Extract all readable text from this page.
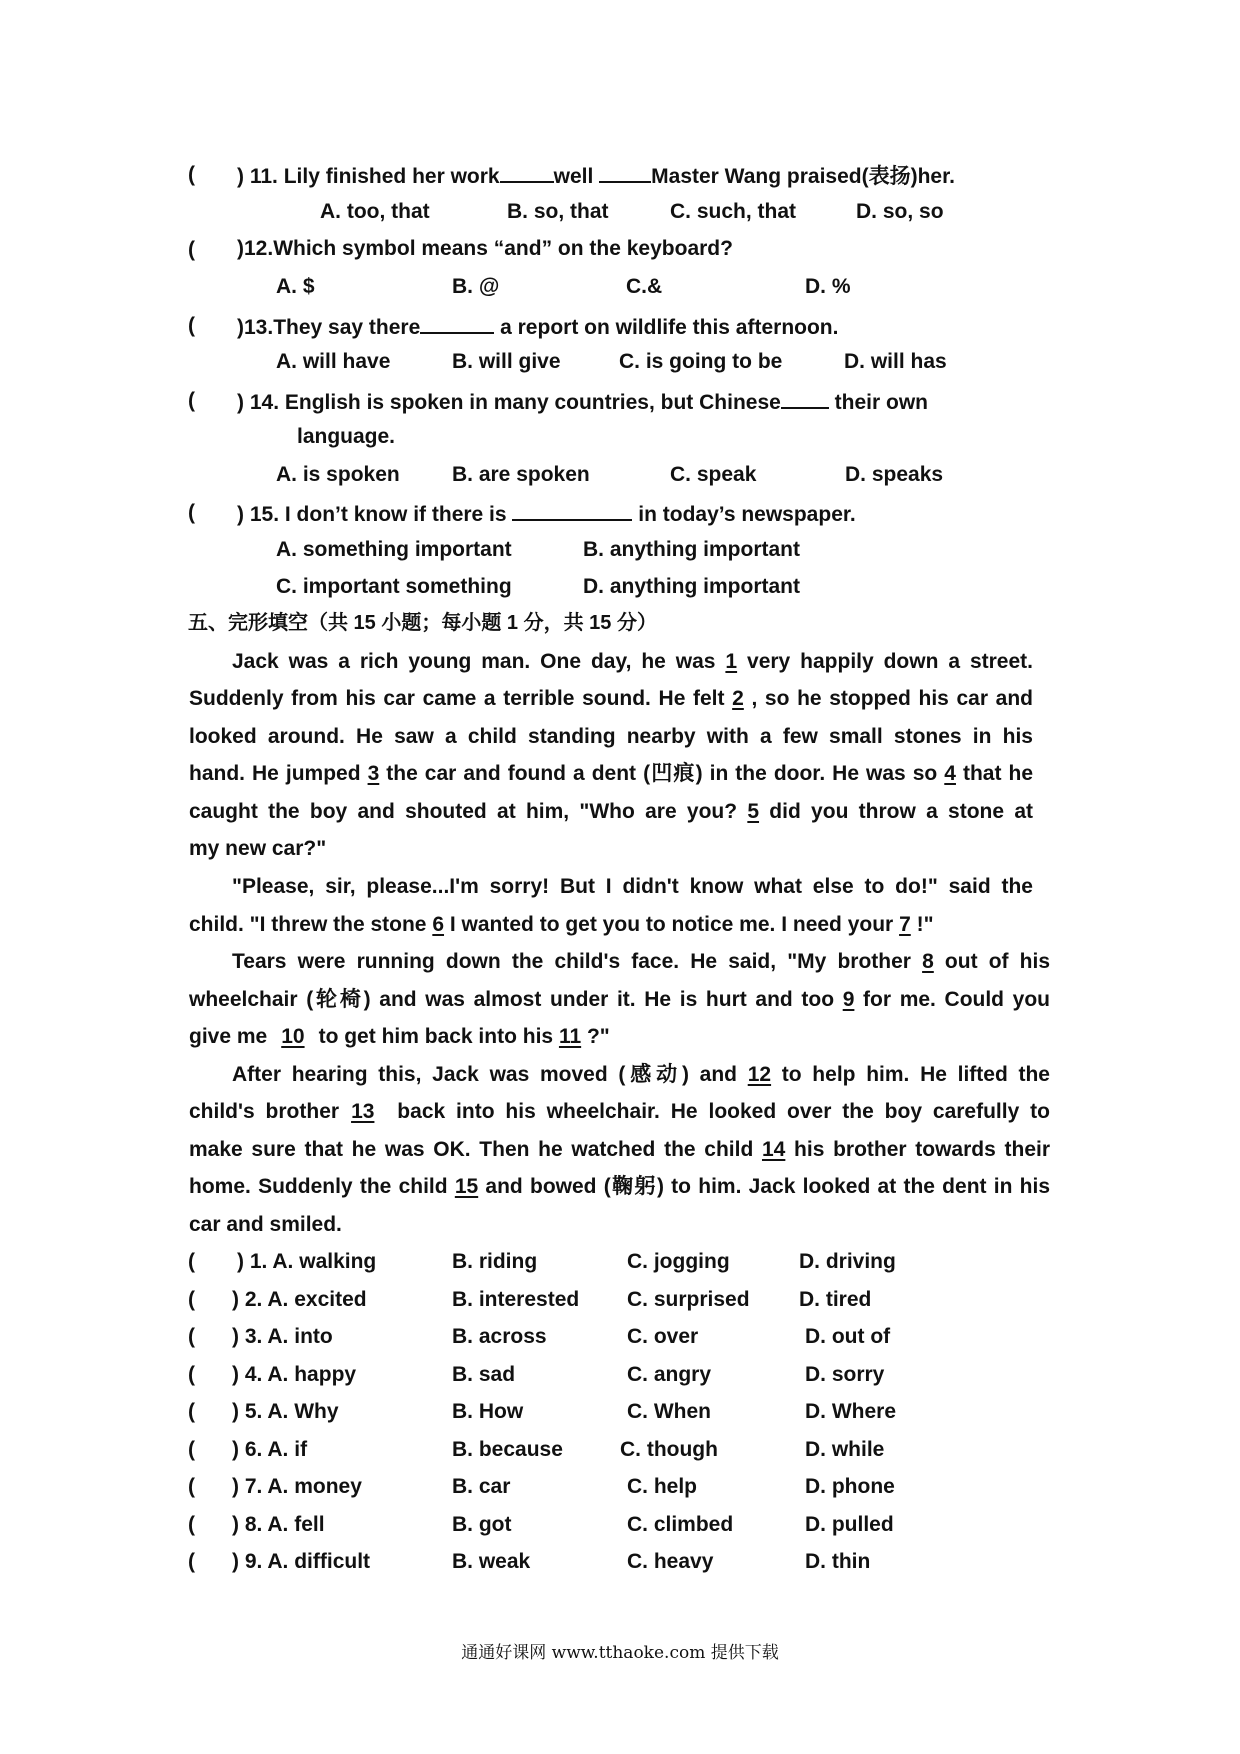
( ) 11. Lily finished her work	well	Master Wang praised(表扬)her.
A. too, that	B. so, that	C. such, that	D. so, so
( )12.Which symbol means “and” on the keyboard?
A. $	B. @	C.&	D. %
( )13.They say there	a report on wildlife this afternoon.
A. will have	B. will give	C. is going to be	D. will has
( ) 14. English is spoken in many countries, but Chinese	their own
language.
A. is spoken B. are spoken	C. speak	D. speaks
( ) 15. I don’t know if there is	in today’s newspaper.
A. something important	B. anything important
C. important something	D. anything important
五、完形填空（共 15 小题；每小题 1 分，共 15 分）
Jack was a rich young man. One day, he was 1 very happily down a street.
Suddenly from his car came a terrible sound. He felt 2 , so he stopped his car and
looked around. He saw a child standing nearby with a few small stones in his
hand. He jumped 3 the car and found a dent (凹痕) in the door. He was so 4 that he
caught the boy and shouted at him, "Who are you? 5 did you throw a stone at
my new car?"
"Please, sir, please...I'm sorry! But I didn't know what else to do!" said the
child. "I threw the stone 6 I wanted to get you to notice me. I need your 7 !"
Tears were running down the child's face. He said, "My brother 8 out of his
wheelchair (轮椅) and was almost under it. He is hurt and too 9 for me. Could you
give me 10 to get him back into his 11 ?"
After hearing this, Jack was moved (感动) and 12 to help him. He lifted the
child's brother 13 back into his wheelchair. He looked over the boy carefully to
make sure that he was OK. Then he watched the child 14 his brother towards their
home. Suddenly the child 15 and bowed (鞠躬) to him. Jack looked at the dent in his
car and smiled.
( ) 1. A. walking	B. riding	C. jogging	D. driving
( ) 2. A. excited	B. interested C. surprised D. tired
( ) 3. A. into	B. across	C. over	D. out of
( ) 4. A. happy	B. sad	C. angry	D. sorry
( ) 5. A. Why	B. How	C. When	D. Where
( ) 6. A. if	B. because	C. though	D. while
( ) 7. A. money	B. car	C. help	D. phone
( ) 8. A. fell	B. got	C. climbed	D. pulled
( ) 9. A. difficult	B. weak	C. heavy	D. thin
通通好课网 www.tthaoke.com 提供下载
